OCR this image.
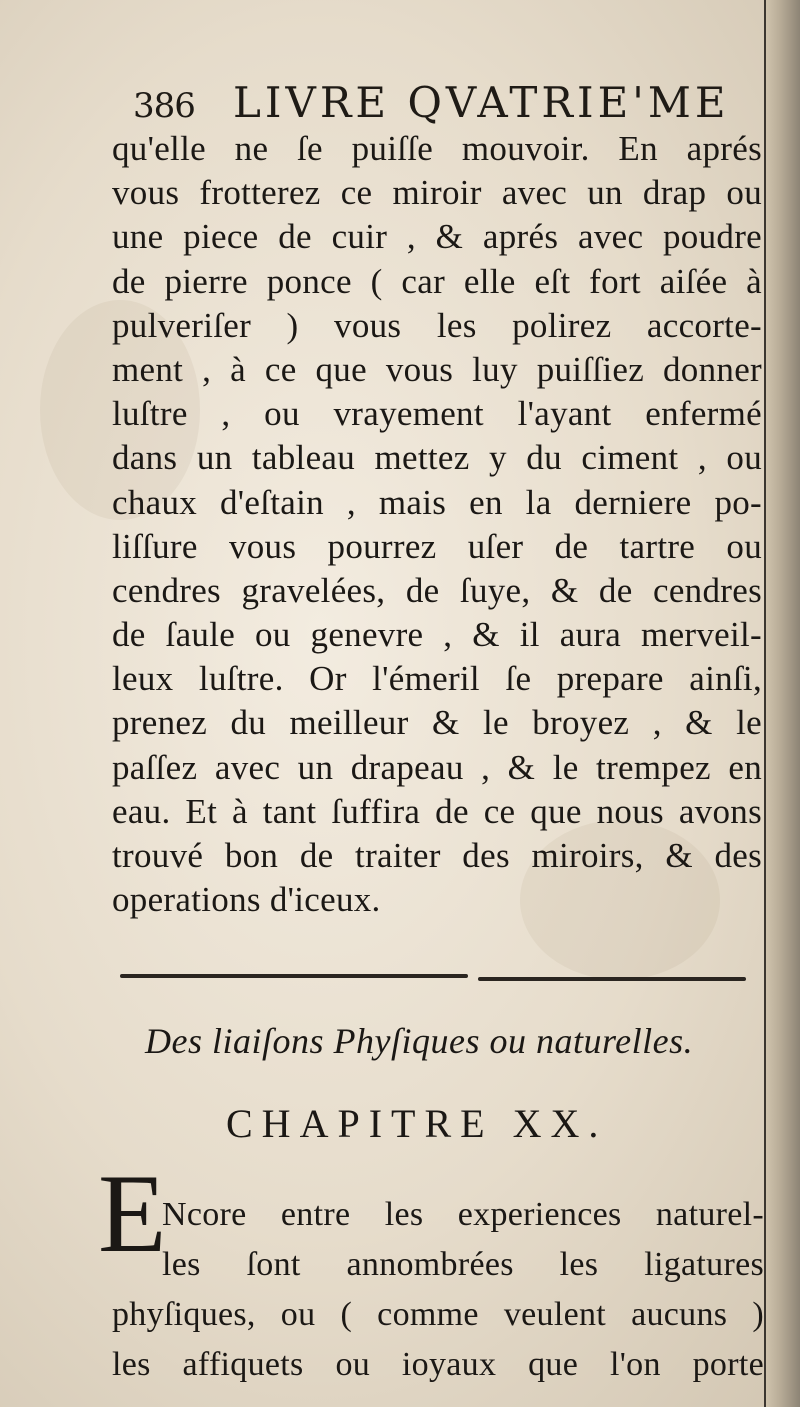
386 LIVRE QVATRIE'ME
qu'elle ne ſe puiſſe mouvoir. En aprés
vous frotterez ce miroir avec un drap ou
une piece de cuir , & aprés avec poudre
de pierre ponce ( car elle eſt fort aiſée à
pulveriſer ) vous les polirez accorte-
ment , à ce que vous luy puiſſiez donner
luſtre , ou vrayement l'ayant enfermé
dans un tableau mettez y du ciment , ou
chaux d'eſtain , mais en la derniere po-
liſſure vous pourrez uſer de tartre ou
cendres gravelées, de ſuye, & de cendres
de ſaule ou genevre , & il aura merveil-
leux luſtre. Or l'émeril ſe prepare ainſi,
prenez du meilleur & le broyez , & le
paſſez avec un drapeau , & le trempez en
eau. Et à tant ſuffira de ce que nous avons
trouvé bon de traiter des miroirs, & des
operations d'iceux.
Des liaiſons Phyſiques ou naturelles.
CHAPITRE XX.
E
Ncore entre les experiences naturel-
les ſont annombrées les ligatures
phyſiques, ou ( comme veulent aucuns )
les affiquets ou ioyaux que l'on porte
